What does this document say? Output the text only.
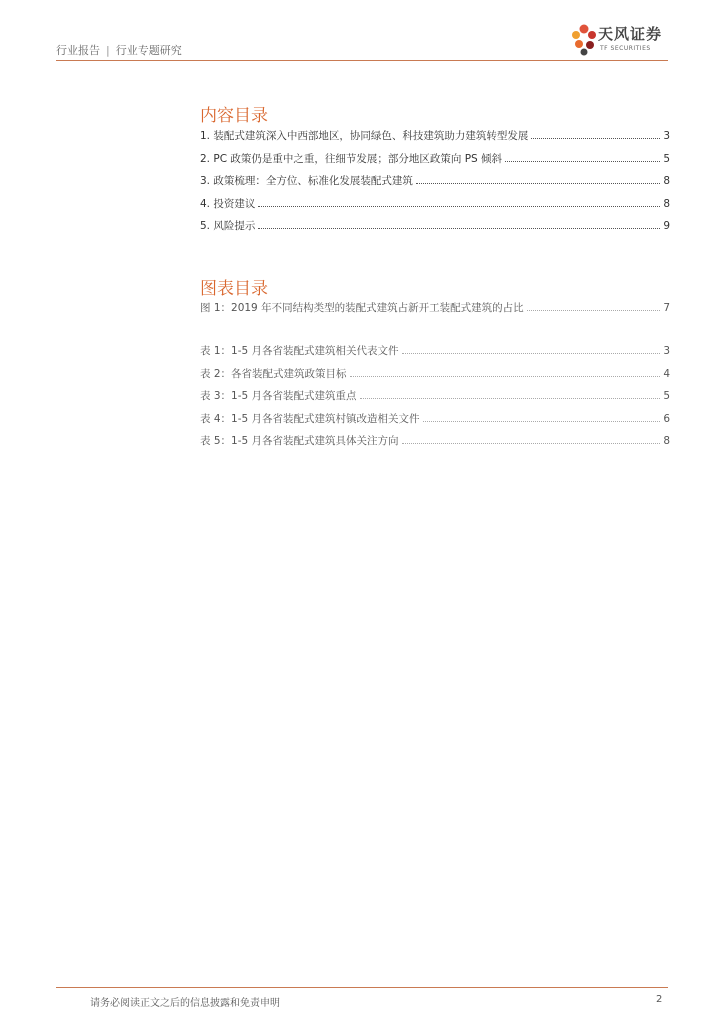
行业报告 | 行业专题研究
天风证券
TF SECURITIES
内容目录
1. 装配式建筑深入中西部地区，协同绿色、科技建筑助力建筑转型发展	3
2. PC 政策仍是重中之重，往细节发展；部分地区政策向 PS 倾斜	5
3. 政策梳理：全方位、标准化发展装配式建筑	8
4. 投资建议	8
5. 风险提示	9
图表目录
图 1：2019 年不同结构类型的装配式建筑占新开工装配式建筑的占比	7
表 1：1-5 月各省装配式建筑相关代表文件	3
表 2：各省装配式建筑政策目标	4
表 3：1-5 月各省装配式建筑重点	5
表 4：1-5 月各省装配式建筑村镇改造相关文件	6
表 5：1-5 月各省装配式建筑具体关注方向	8
请务必阅读正文之后的信息披露和免责申明	2
